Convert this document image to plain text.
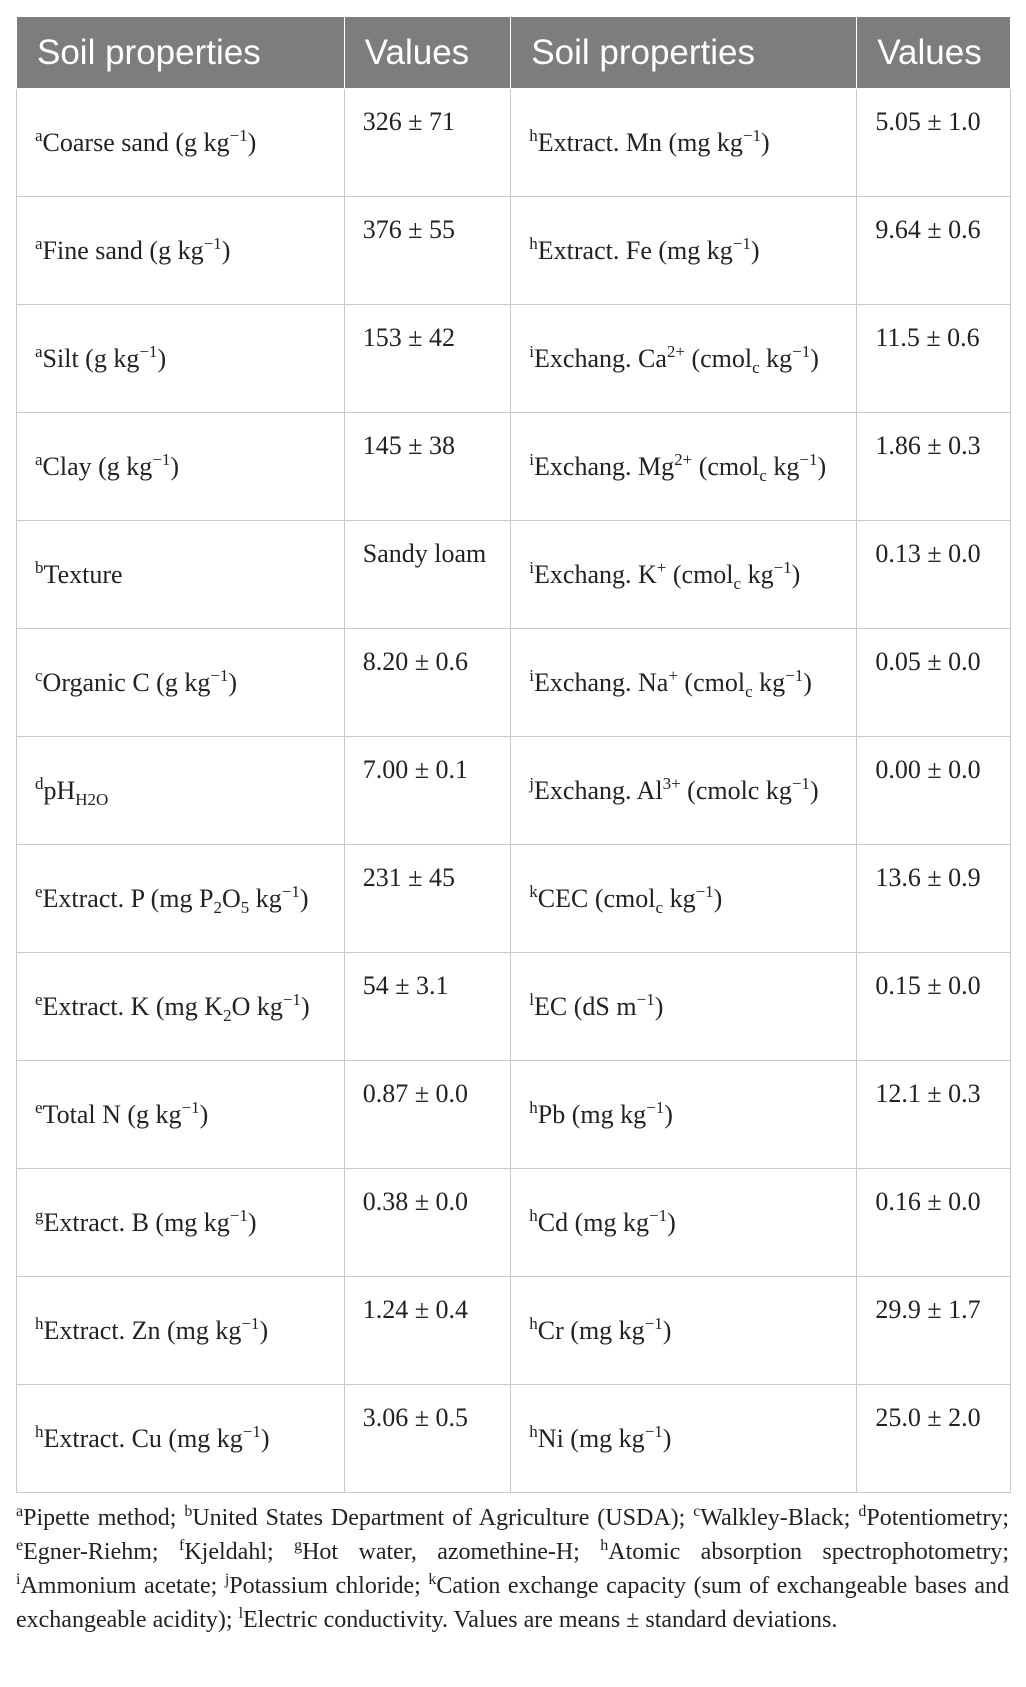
Soil properties	Values	Soil properties	Values
$^a$Coarse sand (g $kg^{-1}$)	326 ± 71	$^h$Extract. Mn (mg $kg^{-1}$)	5.05 ± 1.0
$^a$Fine sand (g $kg^{-1}$)	376 ± 55	$^h$Extract. Fe (mg $kg^{-1}$)	9.64 ± 0.6
$^a$Silt (g $kg^{-1}$)	153 ± 42	$^i$Exchang. $Ca^{2+}$ (cmol$_c$ $kg^{-1}$)	11.5 ± 0.6
$^a$Clay (g $kg^{-1}$)	145 ± 38	$^i$Exchang. $Mg^{2+}$ (cmol$_c$ $kg^{-1}$)	1.86 ± 0.3
$^b$Texture	Sandy loam	$^i$Exchang. K+ (cmol$_c$ $kg^{-1}$)	0.13 ± 0.0
$^c$Organic C (g $kg^{-1}$)	8.20 ± 0.6	$^i$Exchang. Na+ (cmol$_c$ $kg^{-1}$)	0.05 ± 0.0
$^dpH_{H2O}$	7.00 ± 0.1	$^j$Exchang. $Al^{3+}$ (cmolc $kg^{-1}$)	0.00 ± 0.0
$^e$Extract. P (mg $P_2O_5$ $kg^{-1}$)	231 ± 45	$^k$CEC (cmol$_c$ $kg^{-1}$)	13.6 ± 0.9
$^e$Extract. K (mg $K_2O$ $kg^{-1}$)	54 ± 3.1	$^l$EC (dS $m^{-1}$)	0.15 ± 0.0
$^e$Total N (g $kg^{-1}$)	0.87 ± 0.0	$^h$Pb (mg $kg^{-1}$)	12.1 ± 0.3
$^g$Extract. B (mg $kg^{-1}$)	0.38 ± 0.0	$^h$Cd (mg $kg^{-1}$)	0.16 ± 0.0
$^h$Extract. Zn (mg $kg^{-1}$)	1.24 ± 0.4	$^h$Cr (mg $kg^{-1}$)	29.9 ± 1.7
$^h$Extract. Cu (mg $kg^{-1}$)	3.06 ± 0.5	$^h$Ni (mg $kg^{-1}$)	25.0 ± 2.0
$^a$Pipette method; $^b$United States Department of Agriculture (USDA); $^c$Walkley-Black; $^d$Potentiometry; $^e$Egner-Riehm; $^f$Kjeldahl; $^g$Hot water, azomethine-H; $^h$Atomic absorption spectrophotometry; $^i$Ammonium acetate; $^j$Potassium chloride; $^k$Cation exchange capacity (sum of exchangeable bases and exchangeable acidity); $^l$Electric conductivity. Values are means ± standard deviations.
